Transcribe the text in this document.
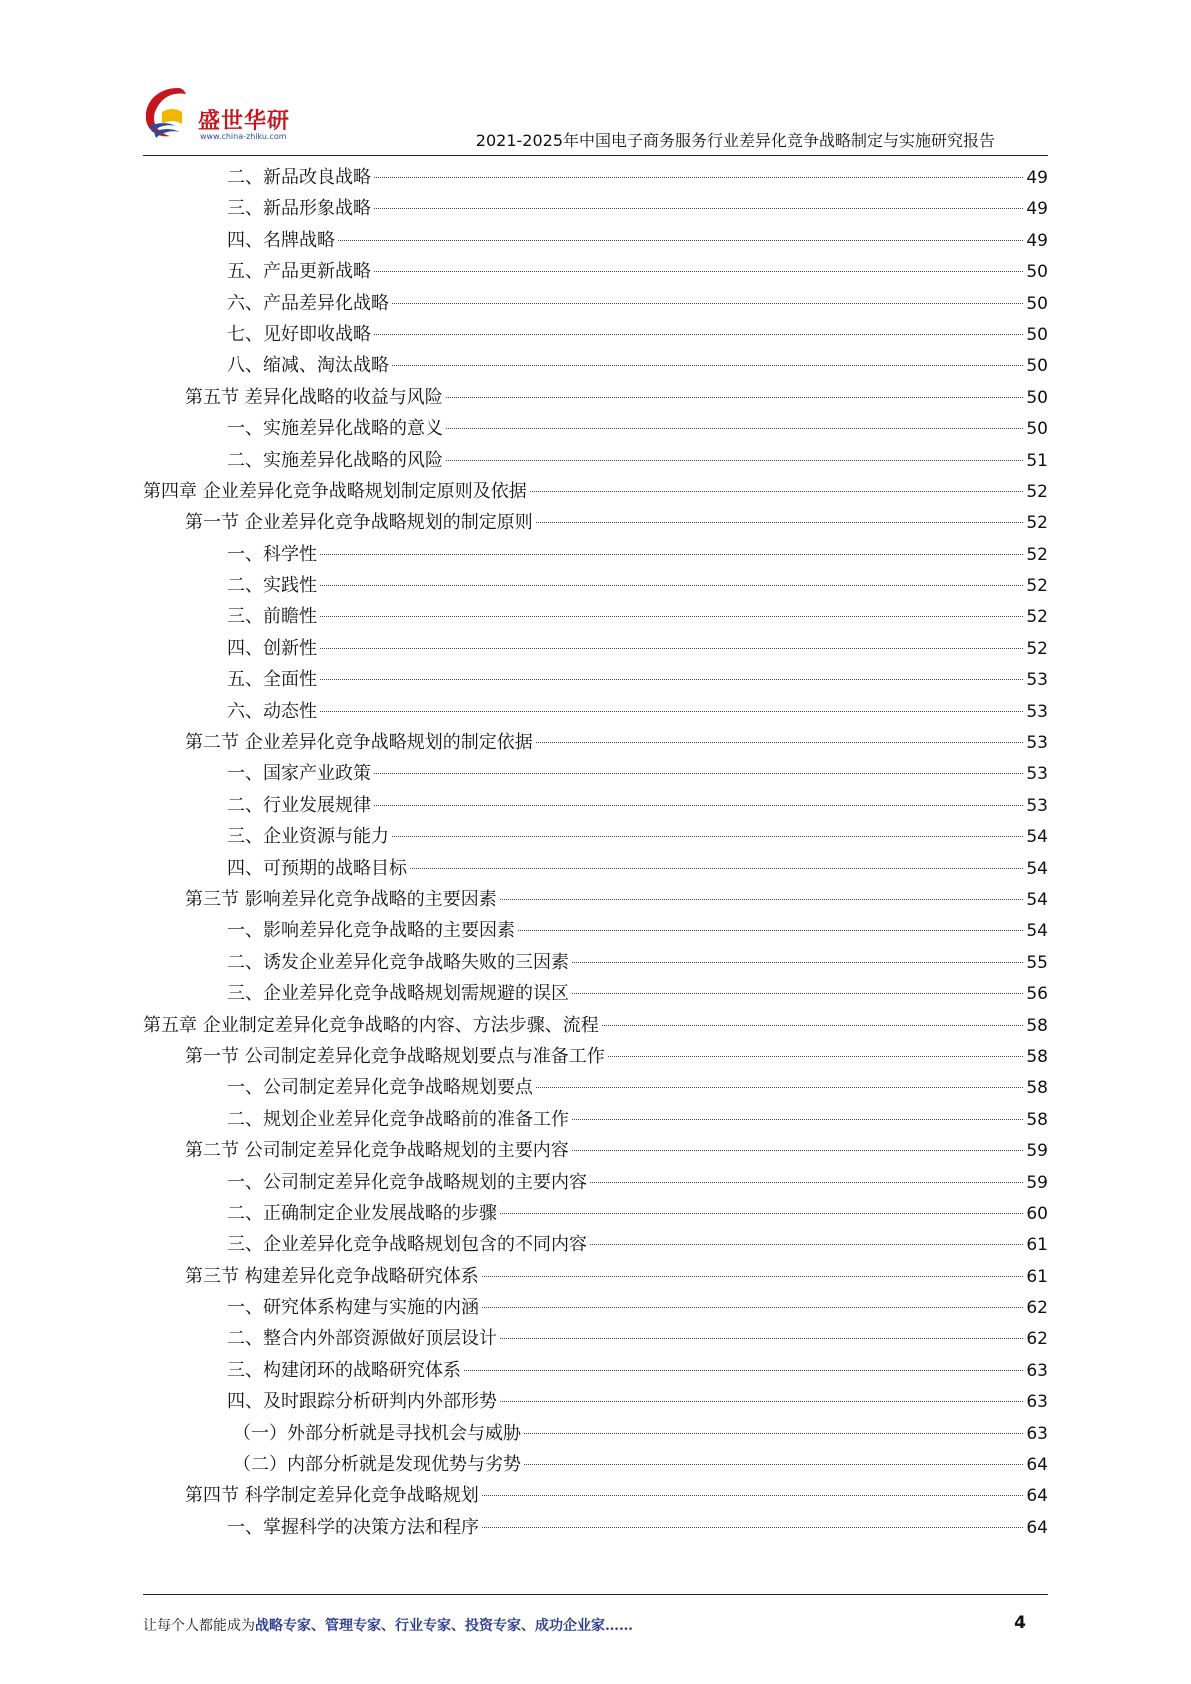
盛世华研
www.china-zhiku.com	2021-2025年中国电子商务服务行业差异化竞争战略制定与实施研究报告
二、新品改良战略	49
三、新品形象战略	49
四、名牌战略	49
五、产品更新战略	50
六、产品差异化战略	50
七、见好即收战略	50
八、缩减、淘汰战略	50
第五节 差异化战略的收益与风险	50
一、实施差异化战略的意义	50
二、实施差异化战略的风险	51
第四章 企业差异化竞争战略规划制定原则及依据	52
第一节 企业差异化竞争战略规划的制定原则	52
一、科学性	52
二、实践性	52
三、前瞻性	52
四、创新性	52
五、全面性	53
六、动态性	53
第二节 企业差异化竞争战略规划的制定依据	53
一、国家产业政策	53
二、行业发展规律	53
三、企业资源与能力	54
四、可预期的战略目标	54
第三节 影响差异化竞争战略的主要因素	54
一、影响差异化竞争战略的主要因素	54
二、诱发企业差异化竞争战略失败的三因素	55
三、企业差异化竞争战略规划需规避的误区	56
第五章 企业制定差异化竞争战略的内容、方法步骤、流程	58
第一节 公司制定差异化竞争战略规划要点与准备工作	58
一、公司制定差异化竞争战略规划要点	58
二、规划企业差异化竞争战略前的准备工作	58
第二节 公司制定差异化竞争战略规划的主要内容	59
一、公司制定差异化竞争战略规划的主要内容	59
二、正确制定企业发展战略的步骤	60
三、企业差异化竞争战略规划包含的不同内容	61
第三节 构建差异化竞争战略研究体系	61
一、研究体系构建与实施的内涵	62
二、整合内外部资源做好顶层设计	62
三、构建闭环的战略研究体系	63
四、及时跟踪分析研判内外部形势	63
（一）外部分析就是寻找机会与威胁	63
（二）内部分析就是发现优势与劣势	64
第四节 科学制定差异化竞争战略规划	64
一、掌握科学的决策方法和程序	64
让每个人都能成为战略专家、管理专家、行业专家、投资专家、成功企业家……	4
